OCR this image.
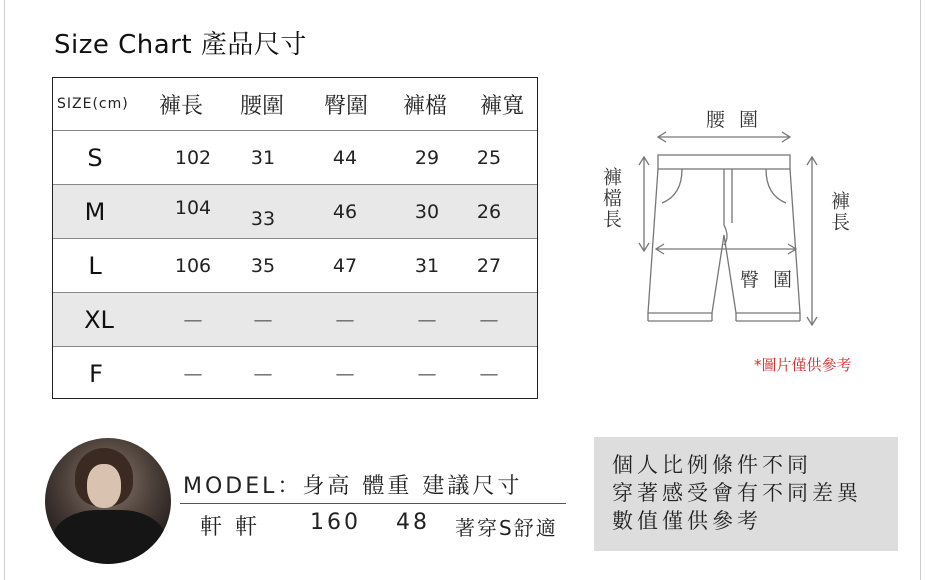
Size Chart 產品尺寸
SIZE(cm)	褲長	腰圍	臀圍	褲檔	褲寬
S	102	31	44	29	25
M	104	33	46	30	26
L	106	35	47	31	27
XL	—	—	—	—	—
F	—	—	—	—	—
腰 圍
褲檔長	褲長
臀 圍
*圖片僅供參考
MODEL：身高 體重 建議尺寸
軒 軒 160 48 著穿S舒適
個人比例條件不同
穿著感受會有不同差異
數值僅供參考
